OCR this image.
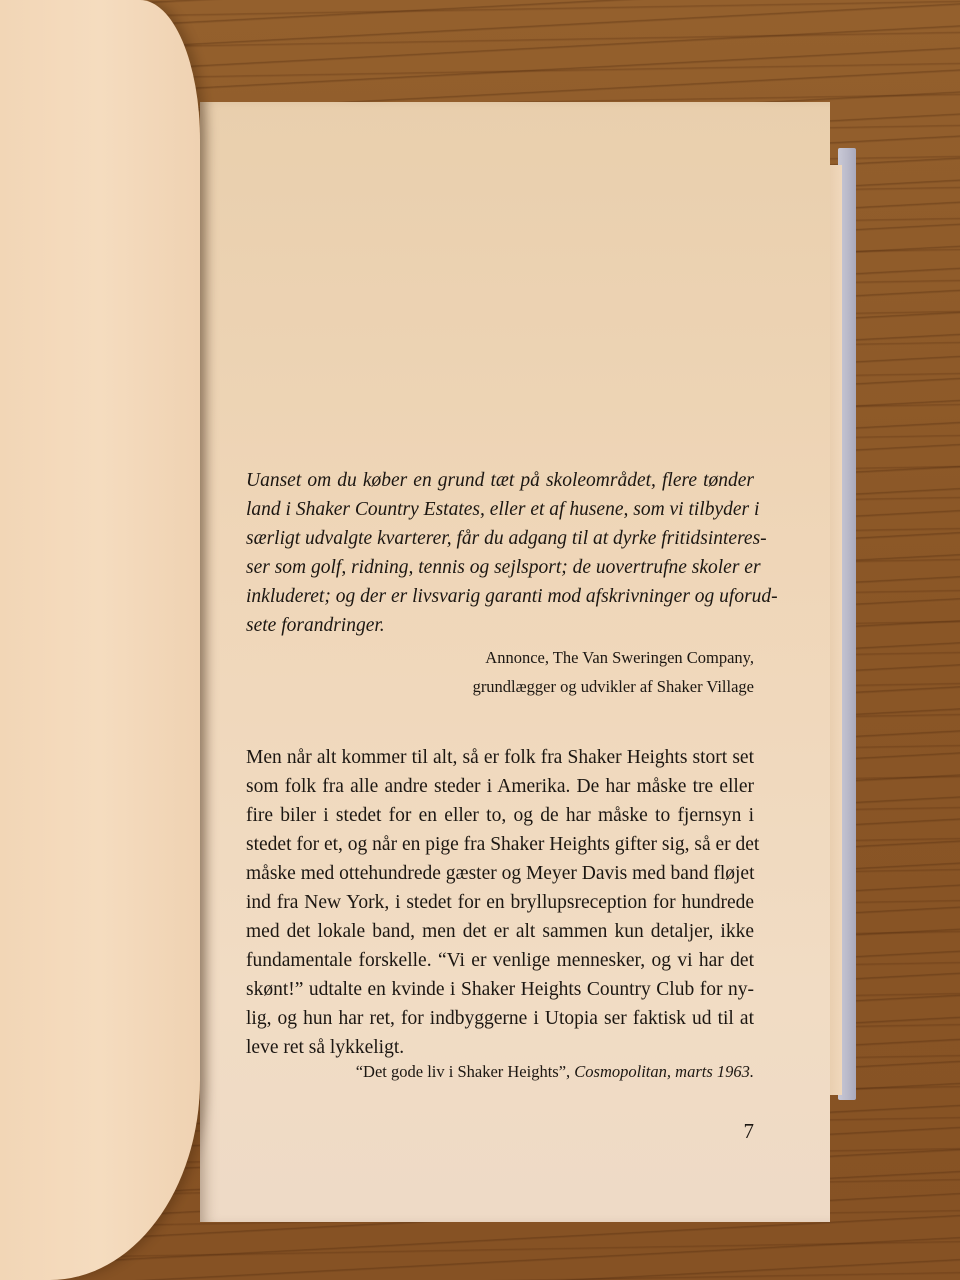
Uanset om du køber en grund tæt på skoleområdet, flere tønder
land i Shaker Country Estates, eller et af husene, som vi tilbyder i
særligt udvalgte kvarterer, får du adgang til at dyrke fritidsinteres-
ser som golf, ridning, tennis og sejlsport; de uovertrufne skoler er
inkluderet; og der er livsvarig garanti mod afskrivninger og uforud-
sete forandringer.
Annonce, The Van Sweringen Company,
grundlægger og udvikler af Shaker Village
Men når alt kommer til alt, så er folk fra Shaker Heights stort set
som folk fra alle andre steder i Amerika. De har måske tre eller
fire biler i stedet for en eller to, og de har måske to fjernsyn i
stedet for et, og når en pige fra Shaker Heights gifter sig, så er det
måske med ottehundrede gæster og Meyer Davis med band fløjet
ind fra New York, i stedet for en bryllupsreception for hundrede
med det lokale band, men det er alt sammen kun detaljer, ikke
fundamentale forskelle. “Vi er venlige mennesker, og vi har det
skønt!” udtalte en kvinde i Shaker Heights Country Club for ny-
lig, og hun har ret, for indbyggerne i Utopia ser faktisk ud til at
leve ret så lykkeligt.
“Det gode liv i Shaker Heights”, Cosmopolitan, marts 1963.
7
